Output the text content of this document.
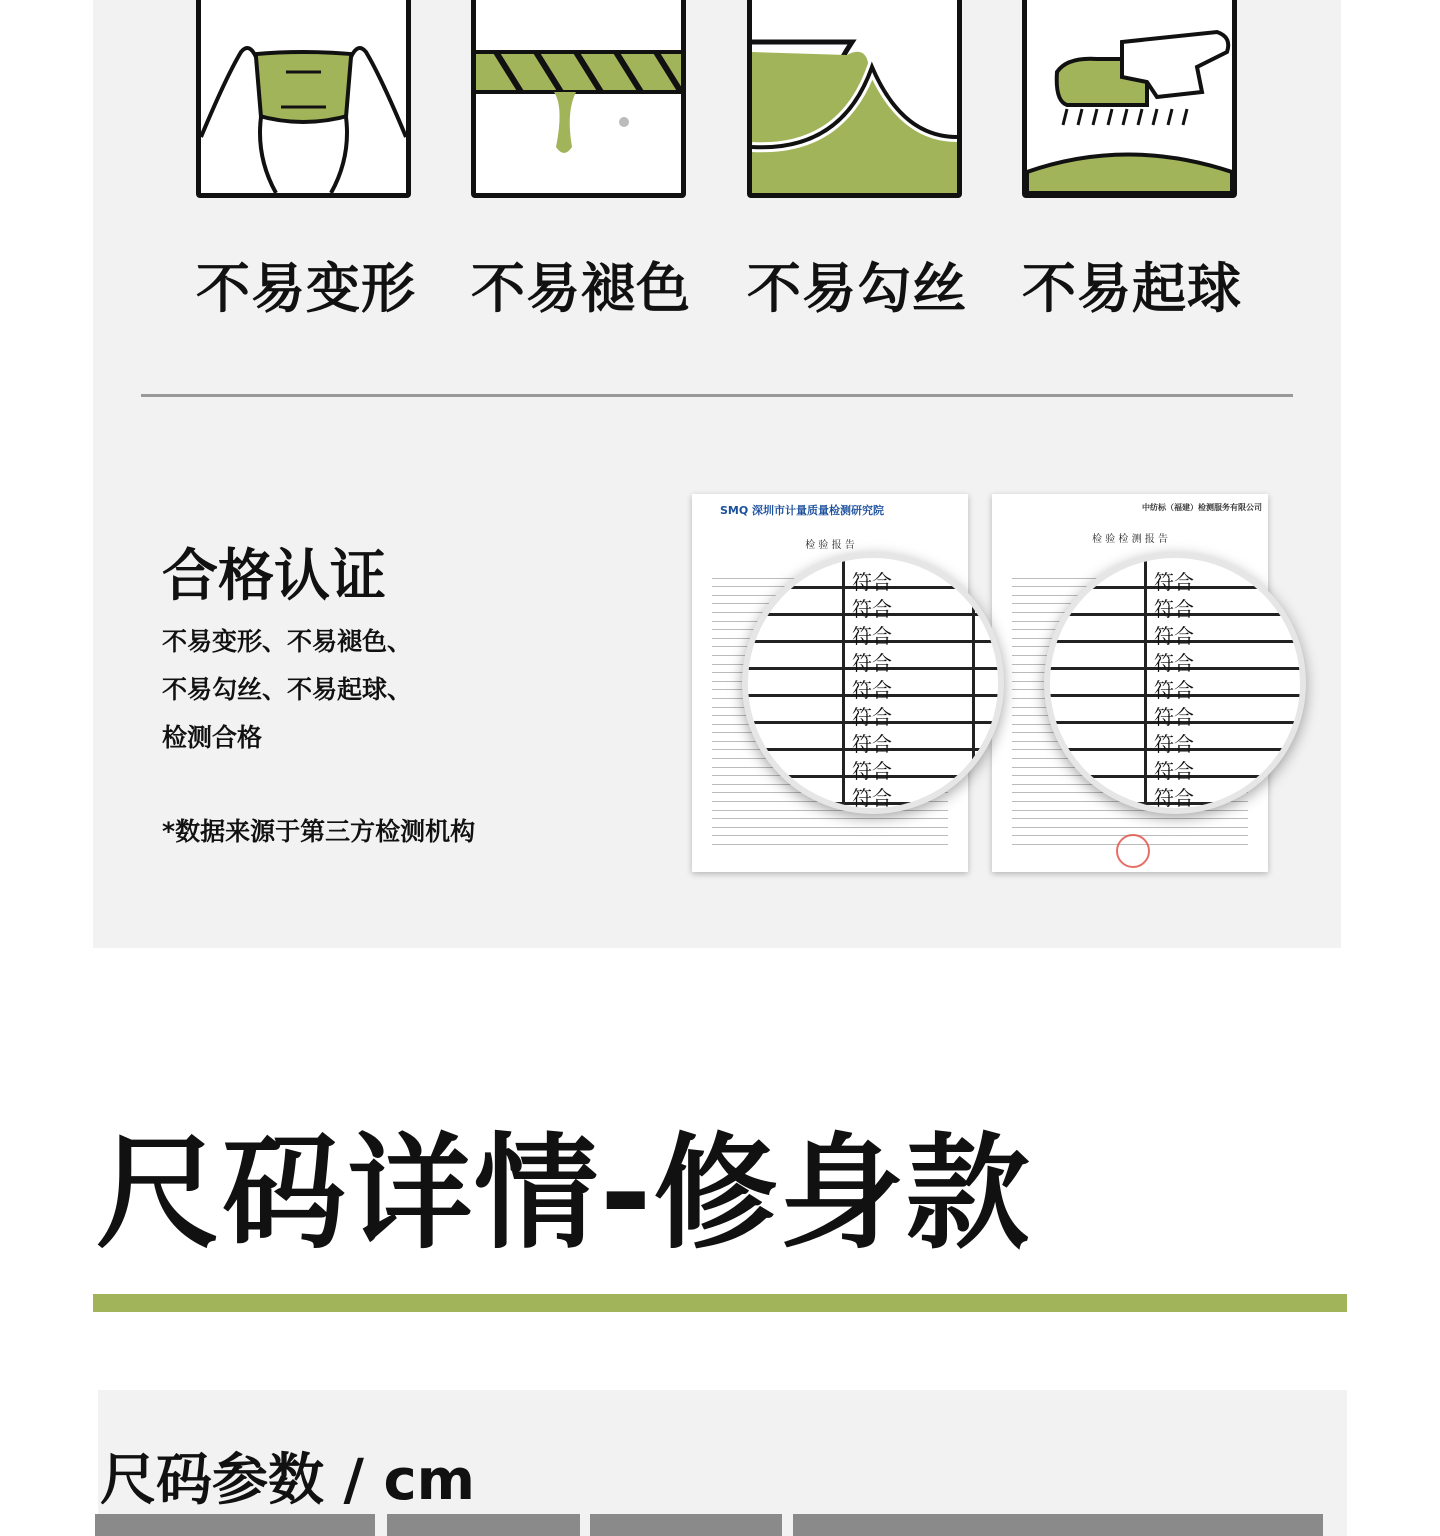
不易变形 不易褪色 不易勾丝 不易起球
合格认证
不易变形、不易褪色、
不易勾丝、不易起球、
检测合格
*数据来源于第三方检测机构
SMQ 深圳市计量质量检测研究院
检 验 报 告
中纺标（福建）检测服务有限公司
检 验 检 测 报 告
符合
符合
符合
符合
符合
符合
符合
符合
符合
符合
符合
符合
符合
符合
符合
符合
符合
符合
尺码详情-修身款
尺码参数 / cm
